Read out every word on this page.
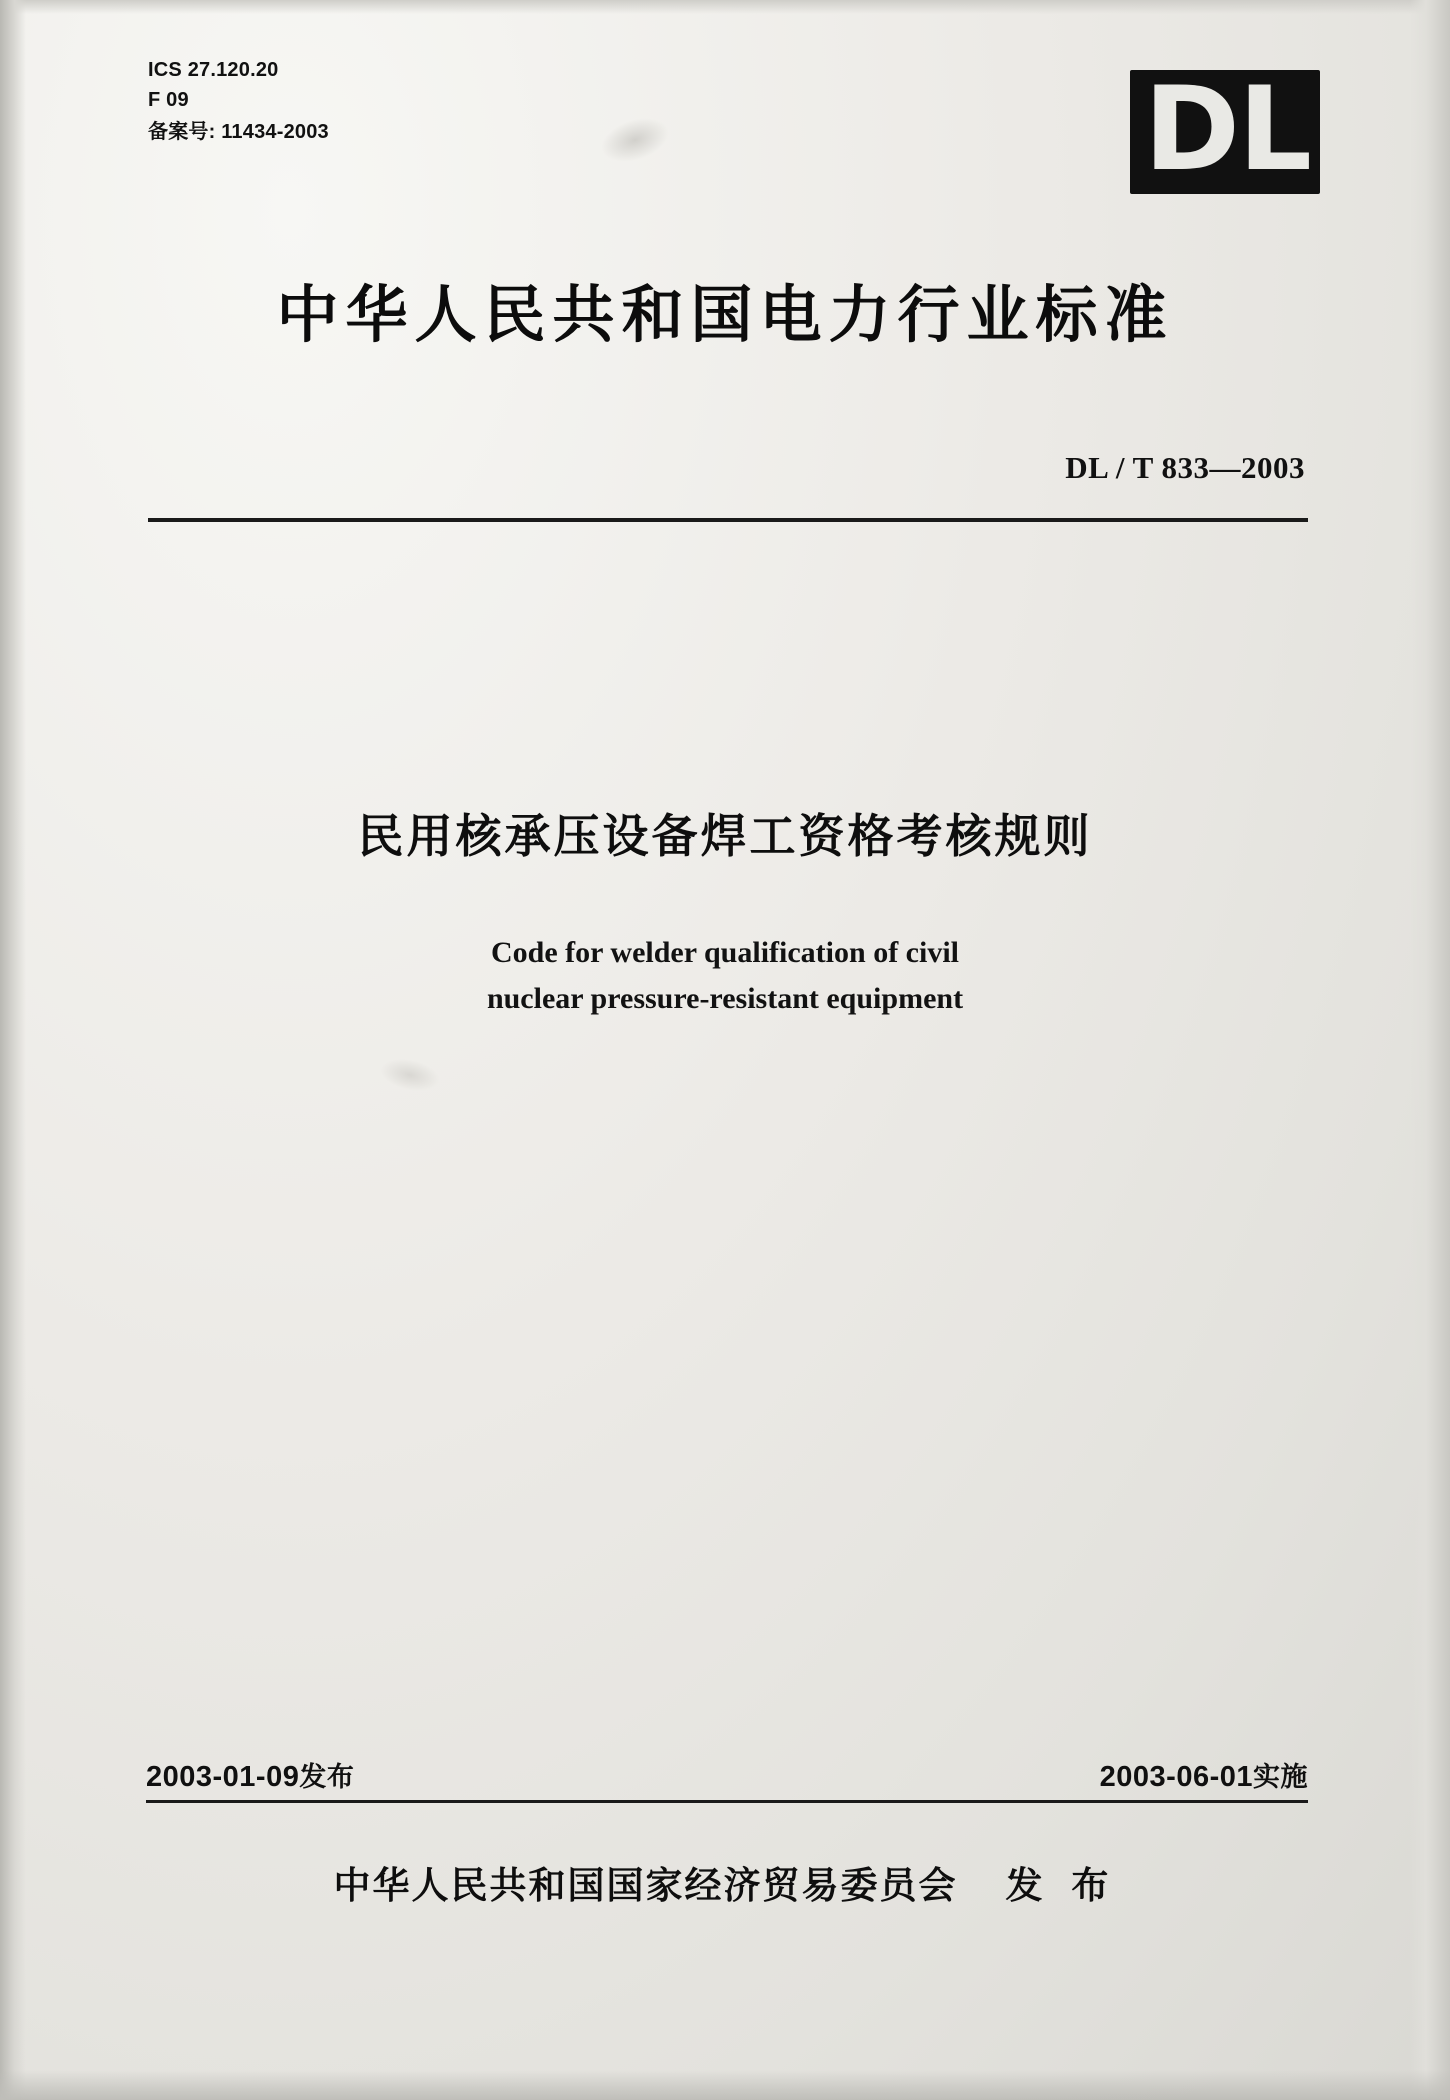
ICS 27.120.20
F 09
备案号: 11434-2003	DL
中华人民共和国电力行业标准
DL / T 833—2003
民用核承压设备焊工资格考核规则
Code for welder qualification of civil
nuclear pressure-resistant equipment
2003-01-09发布	2003-06-01实施
中华人民共和国国家经济贸易委员会 发 布
